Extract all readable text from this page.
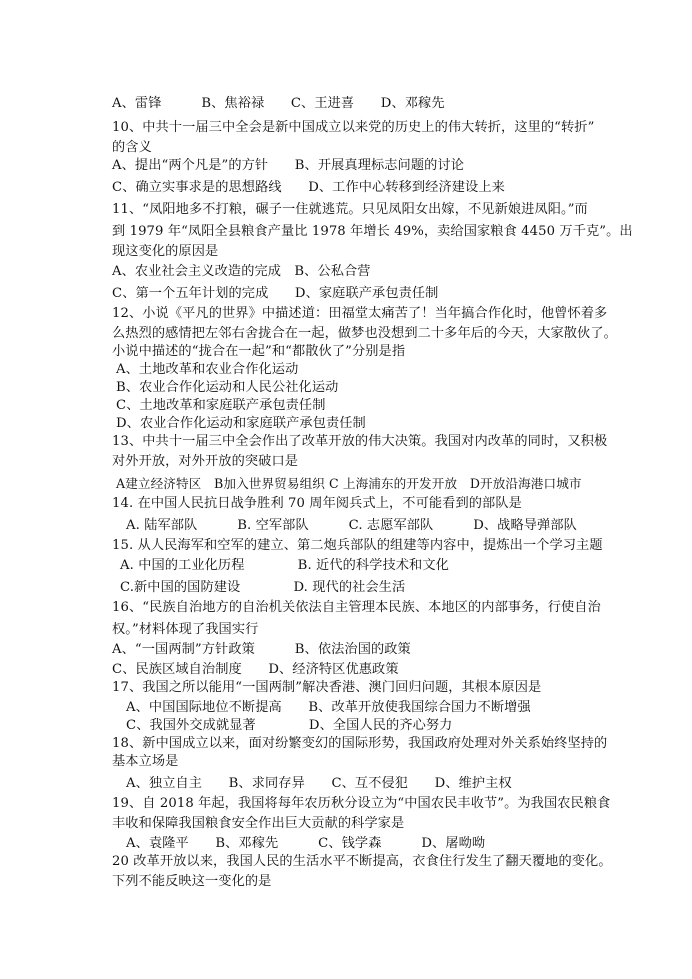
A、雷锋　　　B、焦裕禄　　C、王进喜　　D、邓稼先
10、中共十一届三中全会是新中国成立以来党的历史上的伟大转折，这里的“转折”
的含义
A、提出“两个凡是”的方针　　B、开展真理标志问题的讨论
C、确立实事求是的思想路线　　D、工作中心转移到经济建设上来
11、“凤阳地多不打粮，碾子一住就逃荒。只见凤阳女出嫁，不见新娘进凤阳。”而
到 1979 年“凤阳全县粮食产量比 1978 年增长 49%，卖给国家粮食 4450 万千克”。出
现这变化的原因是
A、农业社会主义改造的完成　B、公私合营
C、第一个五年计划的完成　　D、家庭联产承包责任制
12、小说《平凡的世界》中描述道：田福堂太痛苦了！当年搞合作化时，他曾怀着多
么热烈的感情把左邻右舍拢合在一起，做梦也没想到二十多年后的今天，大家散伙了。
小说中描述的“拢合在一起”和“都散伙了”分别是指
A、土地改革和农业合作化运动
B、农业合作化运动和人民公社化运动
C、土地改革和家庭联产承包责任制
D、农业合作化运动和家庭联产承包责任制
13、中共十一届三中全会作出了改革开放的伟大决策。我国对内改革的同时，又积极
对外开放，对外开放的突破口是
A建立经济特区　B加入世界贸易组织 C 上海浦东的开发开放　D开放沿海港口城市
14. 在中国人民抗日战争胜利 70 周年阅兵式上，不可能看到的部队是
A. 陆军部队　　　B. 空军部队　　　C. 志愿军部队　　　D、战略导弹部队
15. 从人民海军和空军的建立、第二炮兵部队的组建等内容中，提炼出一个学习主题
A. 中国的工业化历程　　　　B. 近代的科学技术和文化
C.新中国的国防建设　　　　D. 现代的社会生活
16、“民族自治地方的自治机关依法自主管理本民族、本地区的内部事务，行使自治
权。”材料体现了我国实行
A、“一国两制”方针政策　　　B、依法治国的政策
C、民族区域自治制度　　D、经济特区优惠政策
17、我国之所以能用“一国两制”解决香港、澳门回归问题，其根本原因是
A、中国国际地位不断提高　　B、改革开放使我国综合国力不断增强
C、我国外交成就显著　　　　D、全国人民的齐心努力
18、新中国成立以来，面对纷繁变幻的国际形势，我国政府处理对外关系始终坚持的
基本立场是
A、独立自主　　B、求同存异　　C、互不侵犯　　D、维护主权
19、自 2018 年起，我国将每年农历秋分设立为“中国农民丰收节”。为我国农民粮食
丰收和保障我国粮食安全作出巨大贡献的科学家是
A、袁隆平　　B、邓稼先　　　C、钱学森　　　D、屠呦呦
20 改革开放以来，我国人民的生活水平不断提高，衣食住行发生了翻天覆地的变化。
下列不能反映这一变化的是
